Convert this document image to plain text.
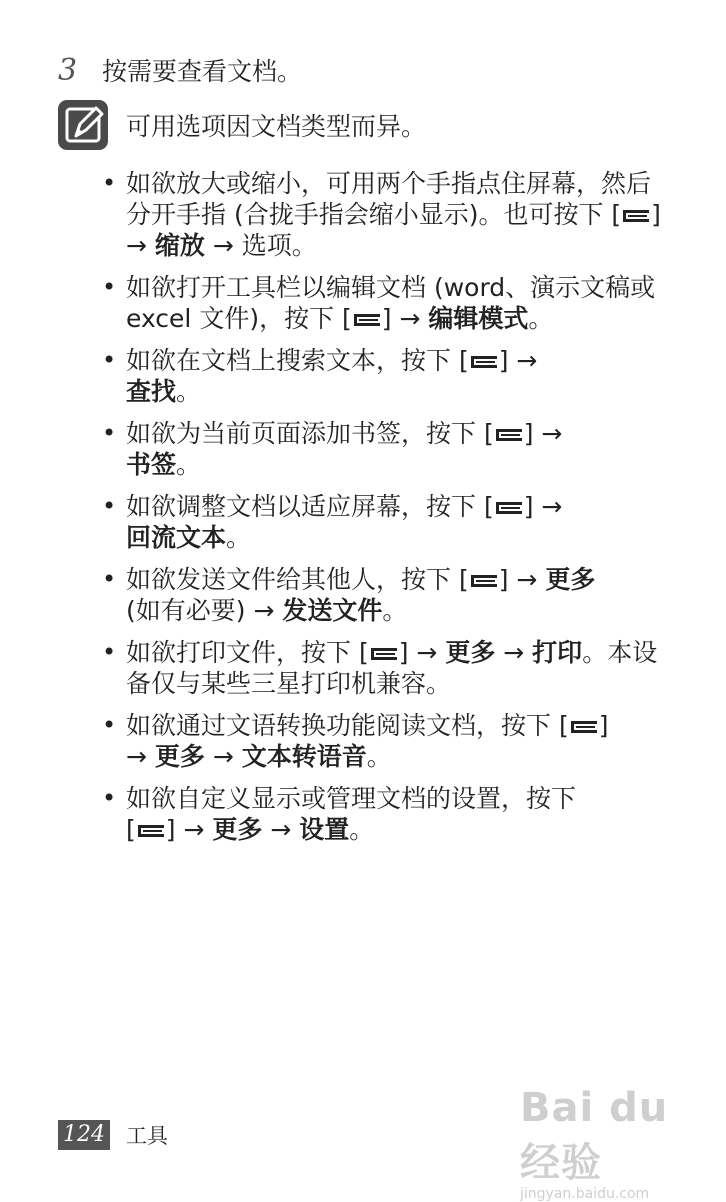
3 按需要查看文档。
可用选项因文档类型而异。
• 如欲放大或缩小，可用两个手指点住屏幕，然后分开手指 (合拢手指会缩小显示)。也可按下 [ ] → 缩放 → 选项。
• 如欲打开工具栏以编辑文档 (word、演示文稿或 excel 文件)，按下 [ ] → 编辑模式。
• 如欲在文档上搜索文本，按下 [ ] →
查找。
• 如欲为当前页面添加书签，按下 [ ] →
书签。
• 如欲调整文档以适应屏幕，按下 [ ] →
回流文本。
• 如欲发送文件给其他人，按下 [ ] → 更多
(如有必要) → 发送文件。
• 如欲打印文件，按下 [ ] → 更多 → 打印。本设备仅与某些三星打印机兼容。
• 如欲通过文语转换功能阅读文档，按下 [ ]
→ 更多 → 文本转语音。
• 如欲自定义显示或管理文档的设置，按下
[ ] → 更多 → 设置。
124 工具
Bai du 经验
jingyan.baidu.com
